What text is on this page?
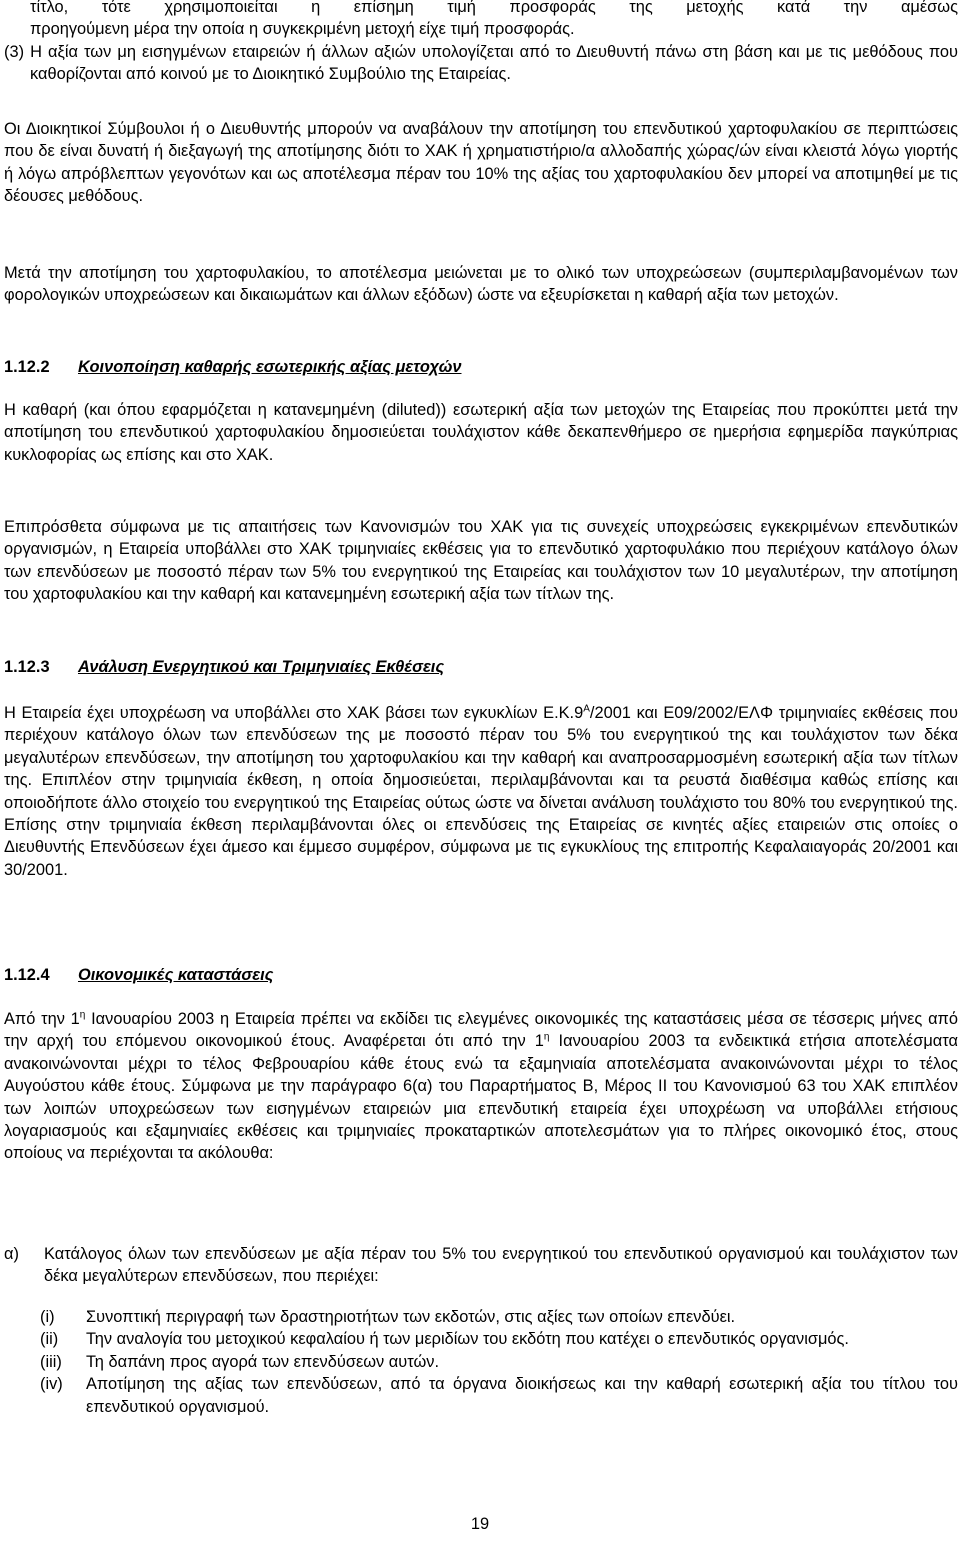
τίτλο, τότε χρησιμοποιείται η επίσημη τιμή προσφοράς της μετοχής κατά την αμέσως

προηγούμενη μέρα την οποία η συγκεκριμένη μετοχή είχε τιμή προσφοράς.

(3) Η αξία των μη εισηγμένων εταιρειών ή άλλων αξιών υπολογίζεται από το Διευθυντή πάνω στη βάση και με τις μεθόδους που καθορίζονται από κοινού με το Διοικητικό Συμβούλιο της Εταιρείας.

Οι Διοικητικοί Σύμβουλοι ή ο Διευθυντής μπορούν να αναβάλουν την αποτίμηση του επενδυτικού χαρτοφυλακίου σε περιπτώσεις που δε είναι δυνατή ή διεξαγωγή της αποτίμησης διότι το ΧΑΚ ή χρηματιστήριο/α αλλοδαπής χώρας/ών είναι κλειστά λόγω γιορτής ή λόγω απρόβλεπτων γεγονότων και ως αποτέλεσμα πέραν του 10% της αξίας του χαρτοφυλακίου δεν μπορεί να αποτιμηθεί με τις δέουσες μεθόδους.

Μετά την αποτίμηση του χαρτοφυλακίου, το αποτέλεσμα μειώνεται με το ολικό των υποχρεώσεων (συμπεριλαμβανομένων των φορολογικών υποχρεώσεων και δικαιωμάτων και άλλων εξόδων) ώστε να εξευρίσκεται η καθαρή αξία των μετοχών.

1.12.2 Κοινοποίηση καθαρής εσωτερικής αξίας μετοχών

Η καθαρή (και όπου εφαρμόζεται η κατανεμημένη (diluted)) εσωτερική αξία των μετοχών της Εταιρείας που προκύπτει μετά την αποτίμηση του επενδυτικού χαρτοφυλακίου δημοσιεύεται τουλάχιστον κάθε δεκαπενθήμερο σε ημερήσια εφημερίδα παγκύπριας κυκλοφορίας ως επίσης και στο ΧΑΚ.

Επιπρόσθετα σύμφωνα με τις απαιτήσεις των Κανονισμών του ΧΑΚ για τις συνεχείς υποχρεώσεις εγκεκριμένων επενδυτικών οργανισμών, η Εταιρεία υποβάλλει στο ΧΑΚ τριμηνιαίες εκθέσεις για το επενδυτικό χαρτοφυλάκιο που περιέχουν κατάλογο όλων των επενδύσεων με ποσοστό πέραν των 5% του ενεργητικού της Εταιρείας και τουλάχιστον των 10 μεγαλυτέρων, την αποτίμηση του χαρτοφυλακίου και την καθαρή και κατανεμημένη εσωτερική αξία των τίτλων της.

1.12.3 Ανάλυση Ενεργητικού και Τριμηνιαίες Εκθέσεις

Η Εταιρεία έχει υποχρέωση να υποβάλλει στο ΧΑΚ βάσει των εγκυκλίων $E.K.9^A/2001$ και Ε09/2002/ΕΛΦ τριμηνιαίες εκθέσεις που περιέχουν κατάλογο όλων των επενδύσεων της με ποσοστό πέραν του 5% του ενεργητικού της και τουλάχιστον των δέκα μεγαλυτέρων επενδύσεων, την αποτίμηση του χαρτοφυλακίου και την καθαρή και αναπροσαρμοσμένη εσωτερική αξία των τίτλων της. Επιπλέον στην τριμηνιαία έκθεση, η οποία δημοσιεύεται, περιλαμβάνονται και τα ρευστά διαθέσιμα καθώς επίσης και οποιοδήποτε άλλο στοιχείο του ενεργητικού της Εταιρείας ούτως ώστε να δίνεται ανάλυση τουλάχιστο του 80% του ενεργητικού της. Επίσης στην τριμηνιαία έκθεση περιλαμβάνονται όλες οι επενδύσεις της Εταιρείας σε κινητές αξίες εταιρειών στις οποίες ο Διευθυντής Επενδύσεων έχει άμεσο και έμμεσο συμφέρον, σύμφωνα με τις εγκυκλίους της επιτροπής Κεφαλαιαγοράς 20/2001 και 30/2001.

1.12.4 Οικονομικές καταστάσεις

Από την $1^\eta$ Ιανουαρίου 2003 η Εταιρεία πρέπει να εκδίδει τις ελεγμένες οικονομικές της καταστάσεις μέσα σε τέσσερις μήνες από την αρχή του επόμενου οικονομικού έτους. Αναφέρεται ότι από την $1^\eta$ Ιανουαρίου 2003 τα ενδεικτικά ετήσια αποτελέσματα ανακοινώνονται μέχρι το τέλος Φεβρουαρίου κάθε έτους ενώ τα εξαμηνιαία αποτελέσματα ανακοινώνονται μέχρι το τέλος Αυγούστου κάθε έτους. Σύμφωνα με την παράγραφο 6(α) του Παραρτήματος Β, Μέρος ΙΙ του Κανονισμού 63 του ΧΑΚ επιπλέον των λοιπών υποχρεώσεων των εισηγμένων εταιρειών μια επενδυτική εταιρεία έχει υποχρέωση να υποβάλλει ετήσιους λογαριασμούς και εξαμηνιαίες εκθέσεις και τριμηνιαίες προκαταρτικών αποτελεσμάτων για το πλήρες οικονομικό έτος, στους οποίους να περιέχονται τα ακόλουθα:

α)	Κατάλογος όλων των επενδύσεων με αξία πέραν του 5% του ενεργητικού του επενδυτικού οργανισμού και τουλάχιστον των δέκα μεγαλύτερων επενδύσεων, που περιέχει:
(i)	Συνοπτική περιγραφή των δραστηριοτήτων των εκδοτών, στις αξίες των οποίων επενδύει.
(ii)	Την αναλογία του μετοχικού κεφαλαίου ή των μεριδίων του εκδότη που κατέχει ο επενδυτικός οργανισμός.
(iii)	Τη δαπάνη προς αγορά των επενδύσεων αυτών.
(iv)	Αποτίμηση της αξίας των επενδύσεων, από τα όργανα διοικήσεως και την καθαρή εσωτερική αξία του τίτλου του επενδυτικού οργανισμού.
19
